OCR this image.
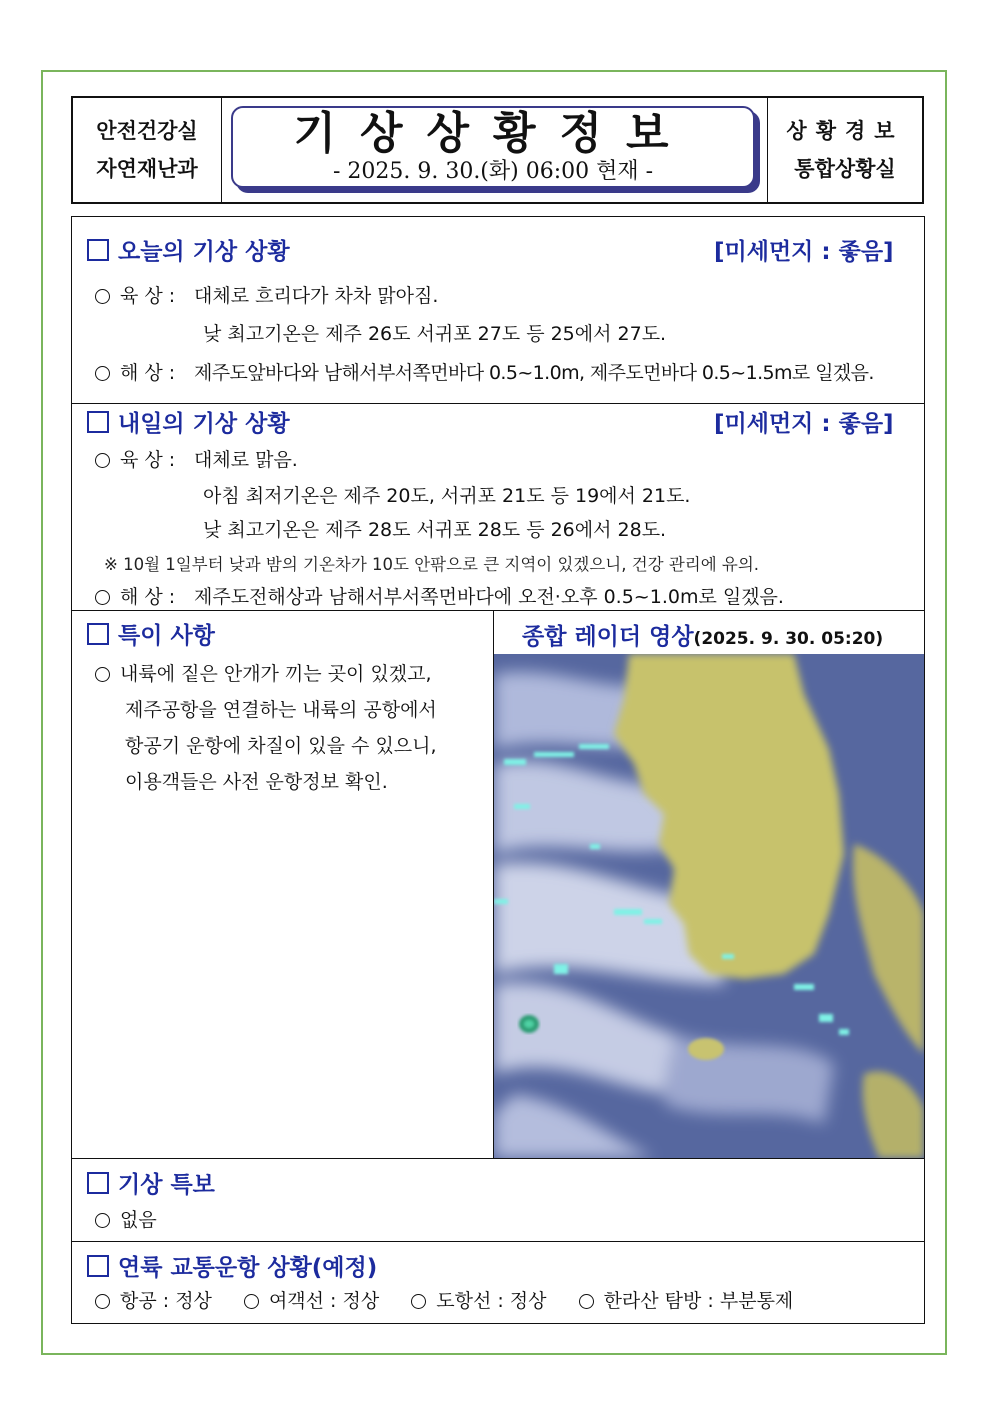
안전건강실
자연재난과
기상상황정보
- 2025. 9. 30.(화) 06:00 현재 -
상황경보
통합상황실
오늘의 기상 상황	[미세먼지 : 좋음]
육 상 : 대체로 흐리다가 차차 맑아짐.
낮 최고기온은 제주 26도 서귀포 27도 등 25에서 27도.
해 상 : 제주도앞바다와 남해서부서쪽먼바다 0.5~1.0m, 제주도먼바다 0.5~1.5m로 일겠음.
내일의 기상 상황	[미세먼지 : 좋음]
육 상 : 대체로 맑음.
아침 최저기온은 제주 20도, 서귀포 21도 등 19에서 21도.
낮 최고기온은 제주 28도 서귀포 28도 등 26에서 28도.
※ 10월 1일부터 낮과 밤의 기온차가 10도 안팎으로 큰 지역이 있겠으니, 건강 관리에 유의.
해 상 : 제주도전해상과 남해서부서쪽먼바다에 오전·오후 0.5~1.0m로 일겠음.
특이 사항
내륙에 짙은 안개가 끼는 곳이 있겠고,
제주공항을 연결하는 내륙의 공항에서
항공기 운항에 차질이 있을 수 있으니,
이용객들은 사전 운항정보 확인.
종합 레이더 영상(2025. 9. 30. 05:20)
기상 특보
없음
연륙 교통운항 상황(예정)
항공 : 정상	여객선 : 정상	도항선 : 정상	한라산 탐방 : 부분통제
